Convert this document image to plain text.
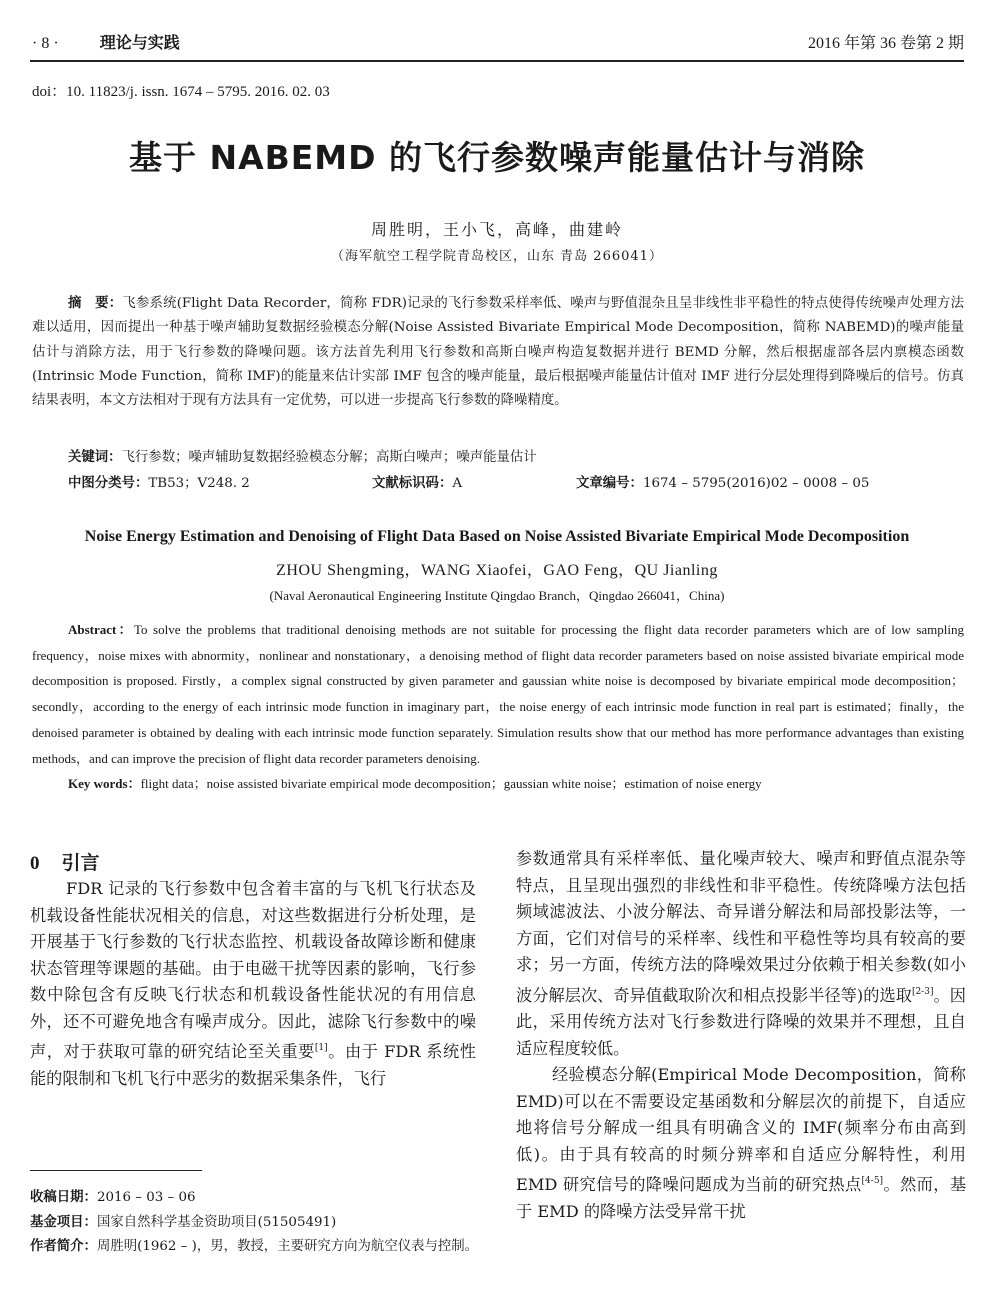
· 8 ·	理论与实践	2016 年第 36 卷第 2 期
doi：10. 11823/j. issn. 1674 – 5795. 2016. 02. 03
基于 NABEMD 的飞行参数噪声能量估计与消除
周胜明，王小飞，高峰，曲建岭
（海军航空工程学院青岛校区，山东 青岛 266041）
摘　要：飞参系统(Flight Data Recorder，简称 FDR)记录的飞行参数采样率低、噪声与野值混杂且呈非线性非平稳性的特点使得传统噪声处理方法难以适用，因而提出一种基于噪声辅助复数据经验模态分解(Noise Assisted Bivariate Empirical Mode Decomposition，简称 NABEMD)的噪声能量估计与消除方法，用于飞行参数的降噪问题。该方法首先利用飞行参数和高斯白噪声构造复数据并进行 BEMD 分解，然后根据虚部各层内禀模态函数(Intrinsic Mode Function，简称 IMF)的能量来估计实部 IMF 包含的噪声能量，最后根据噪声能量估计值对 IMF 进行分层处理得到降噪后的信号。仿真结果表明，本文方法相对于现有方法具有一定优势，可以进一步提高飞行参数的降噪精度。
关键词：飞行参数；噪声辅助复数据经验模态分解；高斯白噪声；噪声能量估计
中图分类号：TB53；V248. 2	文献标识码：A	文章编号：1674 – 5795(2016)02 – 0008 – 05
Noise Energy Estimation and Denoising of Flight Data Based on Noise Assisted Bivariate Empirical Mode Decomposition
ZHOU Shengming，WANG Xiaofei，GAO Feng，QU Jianling
(Naval Aeronautical Engineering Institute Qingdao Branch，Qingdao 266041，China)
Abstract：To solve the problems that traditional denoising methods are not suitable for processing the flight data recorder parameters which are of low sampling frequency，noise mixes with abnormity，nonlinear and nonstationary，a denoising method of flight data recorder parameters based on noise assisted bivariate empirical mode decomposition is proposed. Firstly，a complex signal constructed by given parameter and gaussian white noise is decomposed by bivariate empirical mode decomposition；secondly，according to the energy of each intrinsic mode function in imaginary part，the noise energy of each intrinsic mode function in real part is estimated；finally，the denoised parameter is obtained by dealing with each intrinsic mode function separately. Simulation results show that our method has more performance advantages than existing methods，and can improve the precision of flight data recorder parameters denoising.
Key words：flight data；noise assisted bivariate empirical mode decomposition；gaussian white noise；estimation of noise energy
0 引言
FDR 记录的飞行参数中包含着丰富的与飞机飞行状态及机载设备性能状况相关的信息，对这些数据进行分析处理，是开展基于飞行参数的飞行状态监控、机载设备故障诊断和健康状态管理等课题的基础。由于电磁干扰等因素的影响，飞行参数中除包含有反映飞行状态和机载设备性能状况的有用信息外，还不可避免地含有噪声成分。因此，滤除飞行参数中的噪声，对于获取可靠的研究结论至关重要[1]。由于 FDR 系统性能的限制和飞机飞行中恶劣的数据采集条件，飞行
收稿日期：2016 – 03 – 06
基金项目：国家自然科学基金资助项目(51505491)
作者简介：周胜明(1962 – )，男，教授，主要研究方向为航空仪表与控制。
参数通常具有采样率低、量化噪声较大、噪声和野值点混杂等特点，且呈现出强烈的非线性和非平稳性。传统降噪方法包括频域滤波法、小波分解法、奇异谱分解法和局部投影法等，一方面，它们对信号的采样率、线性和平稳性等均具有较高的要求；另一方面，传统方法的降噪效果过分依赖于相关参数(如小波分解层次、奇异值截取阶次和相点投影半径等)的选取[2-3]。因此，采用传统方法对飞行参数进行降噪的效果并不理想，且自适应程度较低。
经验模态分解(Empirical Mode Decomposition，简称 EMD)可以在不需要设定基函数和分解层次的前提下，自适应地将信号分解成一组具有明确含义的 IMF(频率分布由高到低)。由于具有较高的时频分辨率和自适应分解特性，利用 EMD 研究信号的降噪问题成为当前的研究热点[4-5]。然而，基于 EMD 的降噪方法受异常干扰
